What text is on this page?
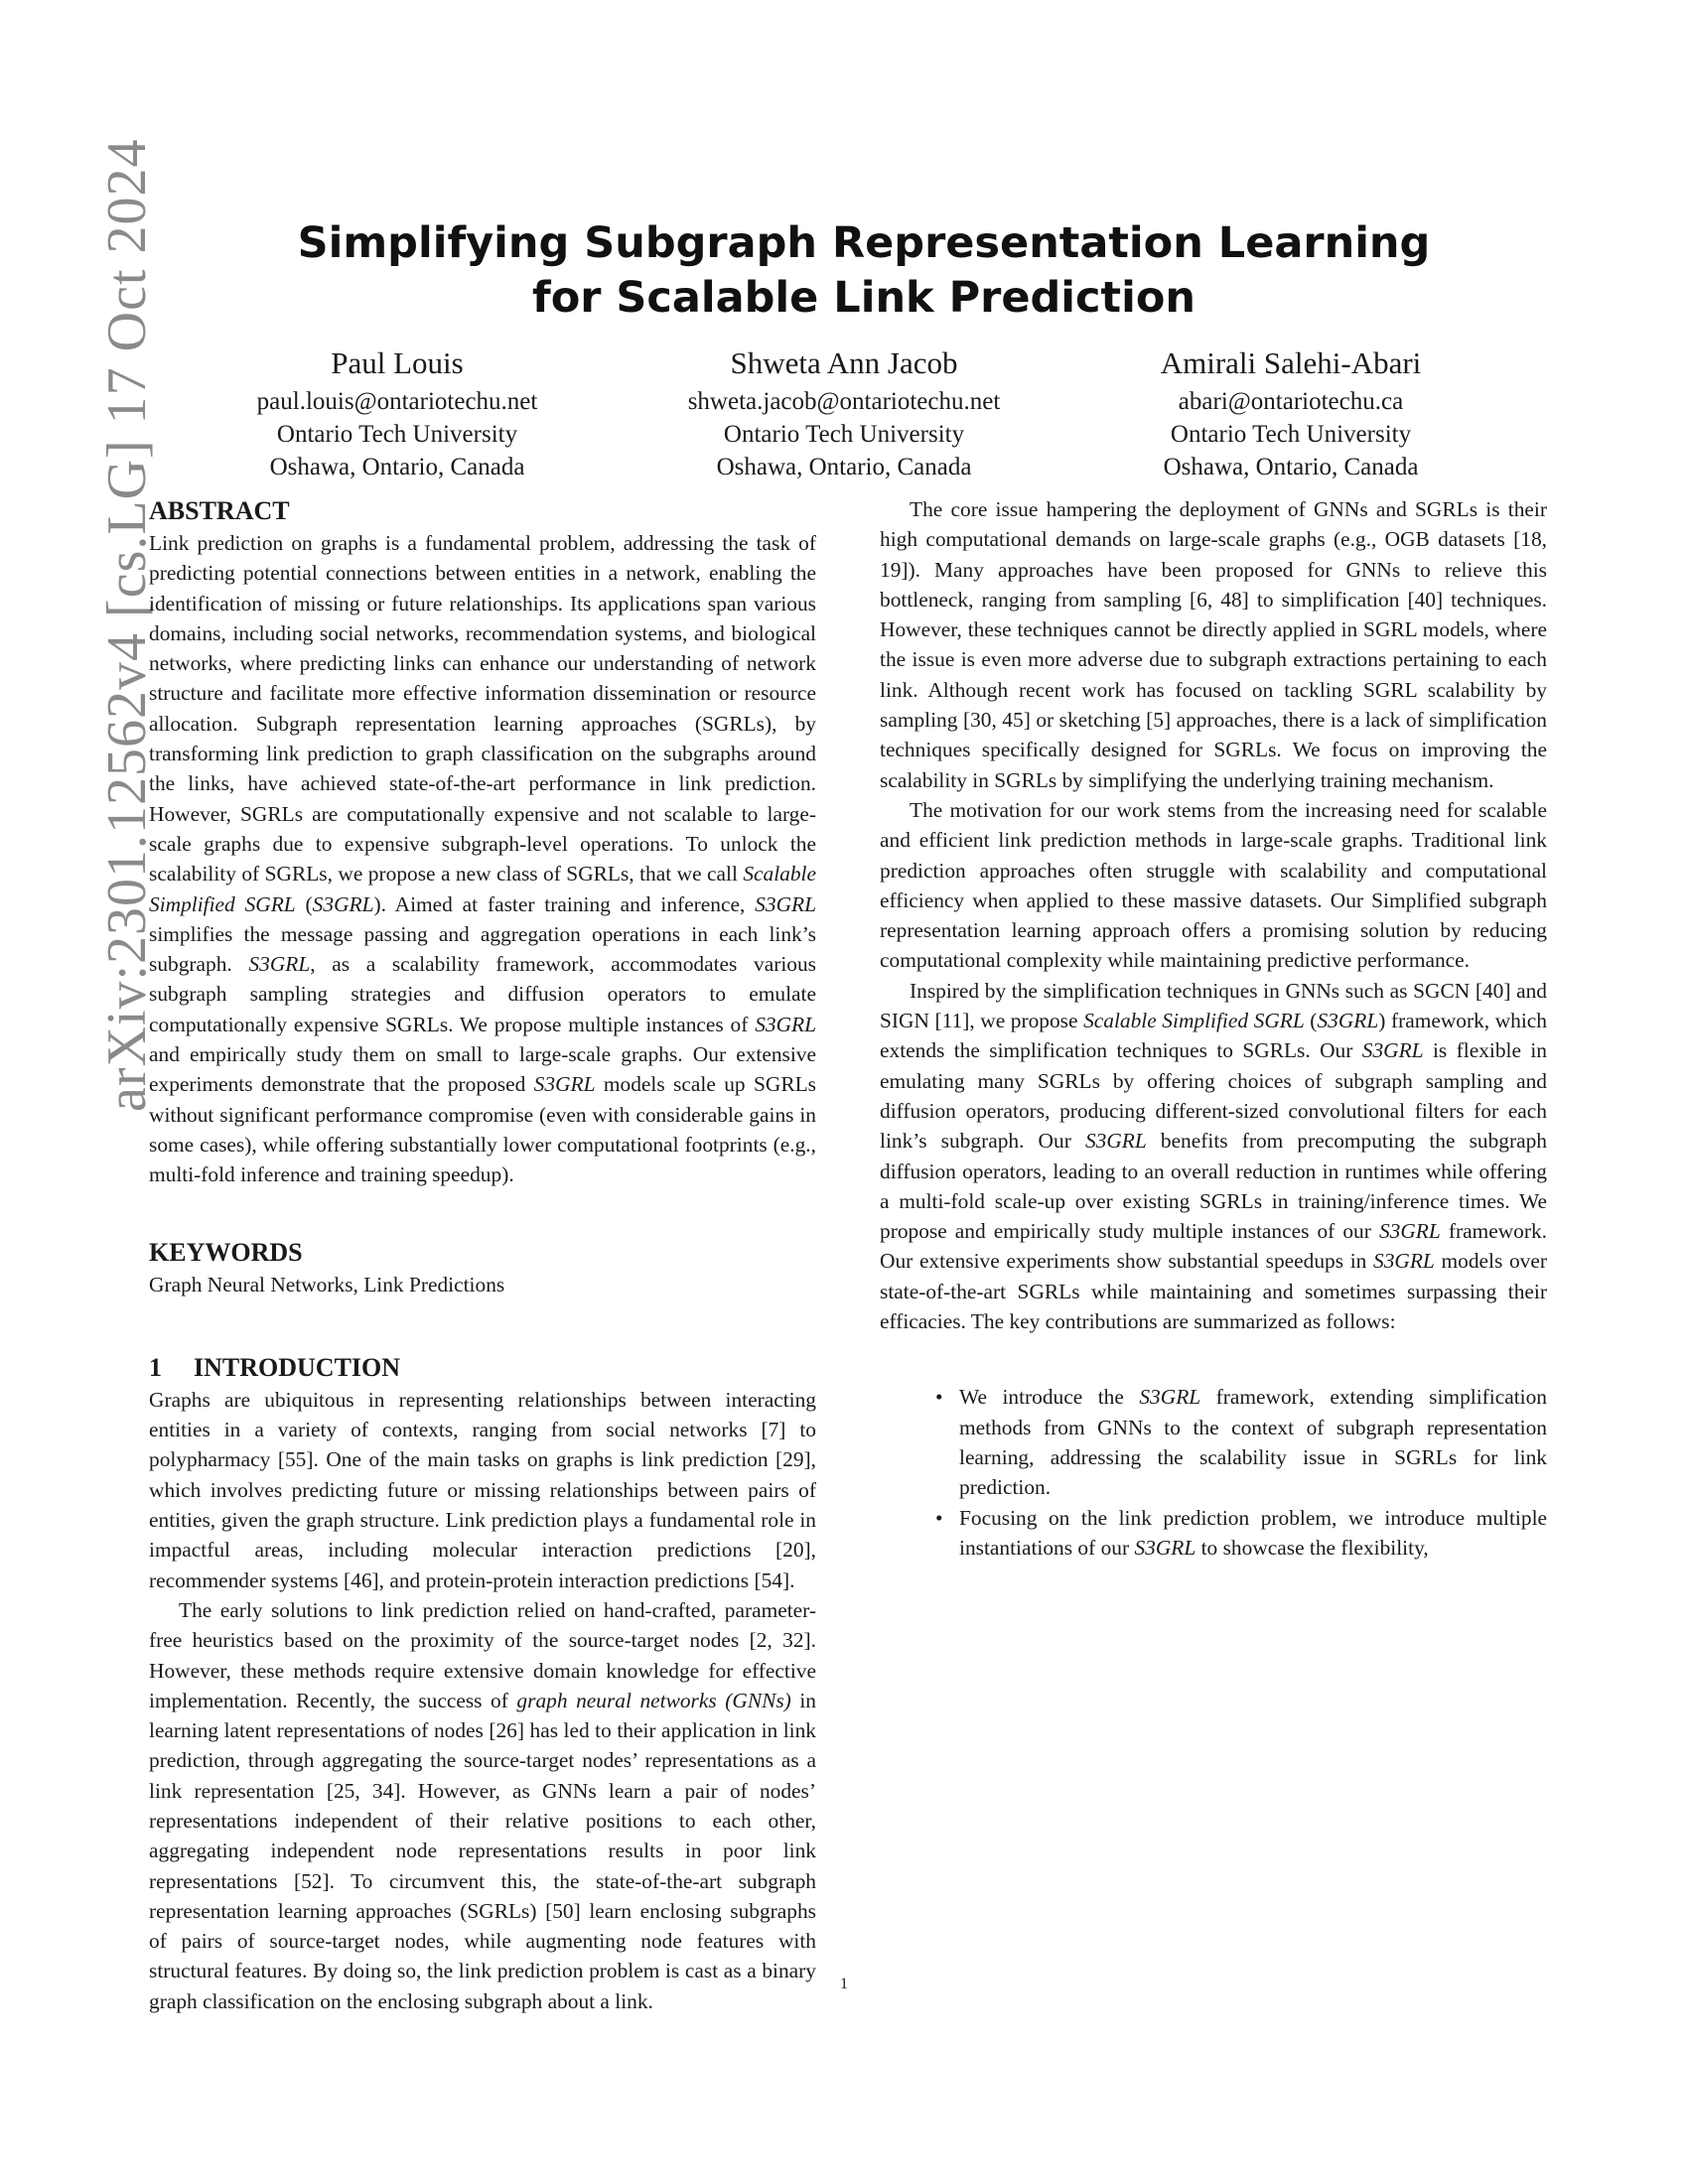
arXiv:2301.12562v4 [cs.LG] 17 Oct 2024	Simplifying Subgraph Representation Learning
for Scalable Link Prediction
Paul Louis
paul.louis@ontariotechu.net
Ontario Tech University
Oshawa, Ontario, Canada
Shweta Ann Jacob
shweta.jacob@ontariotechu.net
Ontario Tech University
Oshawa, Ontario, Canada
Amirali Salehi-Abari
abari@ontariotechu.ca
Ontario Tech University
Oshawa, Ontario, Canada
ABSTRACT

Link prediction on graphs is a fundamental problem, addressing the task of predicting potential connections between entities in a network, enabling the identification of missing or future relationships. Its applications span various domains, including social networks, recommendation systems, and biological networks, where predicting links can enhance our understanding of network structure and facilitate more effective information dissemination or resource allocation. Subgraph representation learning approaches (SGRLs), by transforming link prediction to graph classification on the subgraphs around the links, have achieved state-of-the-art performance in link prediction. However, SGRLs are computationally expensive and not scalable to large-scale graphs due to expensive subgraph-level operations. To unlock the scalability of SGRLs, we propose a new class of SGRLs, that we call Scalable Simplified SGRL (S3GRL). Aimed at faster training and inference, S3GRL simplifies the message passing and aggregation operations in each link’s subgraph. S3GRL, as a scalability framework, accommodates various subgraph sampling strategies and diffusion operators to emulate computationally expensive SGRLs. We propose multiple instances of S3GRL and empirically study them on small to large-scale graphs. Our extensive experiments demonstrate that the proposed S3GRL models scale up SGRLs without significant performance compromise (even with considerable gains in some cases), while offering substantially lower computational footprints (e.g., multi-fold inference and training speedup).

KEYWORDS

Graph Neural Networks, Link Predictions

1 INTRODUCTION

Graphs are ubiquitous in representing relationships between interacting entities in a variety of contexts, ranging from social networks [7] to polypharmacy [55]. One of the main tasks on graphs is link prediction [29], which involves predicting future or missing relationships between pairs of entities, given the graph structure. Link prediction plays a fundamental role in impactful areas, including molecular interaction predictions [20], recommender systems [46], and protein-protein interaction predictions [54].

The early solutions to link prediction relied on hand-crafted, parameter-free heuristics based on the proximity of the source-target nodes [2, 32]. However, these methods require extensive domain knowledge for effective implementation. Recently, the success of graph neural networks (GNNs) in learning latent representations of nodes [26] has led to their application in link prediction, through aggregating the source-target nodes’ representations as a link representation [25, 34]. However, as GNNs learn a pair of nodes’ representations independent of their relative positions to each other, aggregating independent node representations results in poor link representations [52]. To circumvent this, the state-of-the-art subgraph representation learning approaches (SGRLs) [50] learn enclosing subgraphs of pairs of source-target nodes, while augmenting node features with structural features. By doing so, the link prediction problem is cast as a binary graph classification on the enclosing subgraph about a link.

The core issue hampering the deployment of GNNs and SGRLs is their high computational demands on large-scale graphs (e.g., OGB datasets [18, 19]). Many approaches have been proposed for GNNs to relieve this bottleneck, ranging from sampling [6, 48] to simplification [40] techniques. However, these techniques cannot be directly applied in SGRL models, where the issue is even more adverse due to subgraph extractions pertaining to each link. Although recent work has focused on tackling SGRL scalability by sampling [30, 45] or sketching [5] approaches, there is a lack of simplification techniques specifically designed for SGRLs. We focus on improving the scalability in SGRLs by simplifying the underlying training mechanism.

The motivation for our work stems from the increasing need for scalable and efficient link prediction methods in large-scale graphs. Traditional link prediction approaches often struggle with scalability and computational efficiency when applied to these massive datasets. Our Simplified subgraph representation learning approach offers a promising solution by reducing computational complexity while maintaining predictive performance.

Inspired by the simplification techniques in GNNs such as SGCN [40] and SIGN [11], we propose Scalable Simplified SGRL (S3GRL) framework, which extends the simplification techniques to SGRLs. Our S3GRL is flexible in emulating many SGRLs by offering choices of subgraph sampling and diffusion operators, producing different-sized convolutional filters for each link’s subgraph. Our S3GRL benefits from precomputing the subgraph diffusion operators, leading to an overall reduction in runtimes while offering a multi-fold scale-up over existing SGRLs in training/inference times. We propose and empirically study multiple instances of our S3GRL framework. Our extensive experiments show substantial speedups in S3GRL models over state-of-the-art SGRLs while maintaining and sometimes surpassing their efficacies. The key contributions are summarized as follows:

• We introduce the S3GRL framework, extending simplification methods from GNNs to the context of subgraph representation learning, addressing the scalability issue in SGRLs for link prediction.
• Focusing on the link prediction problem, we introduce multiple instantiations of our S3GRL to showcase the flexibility,
1
